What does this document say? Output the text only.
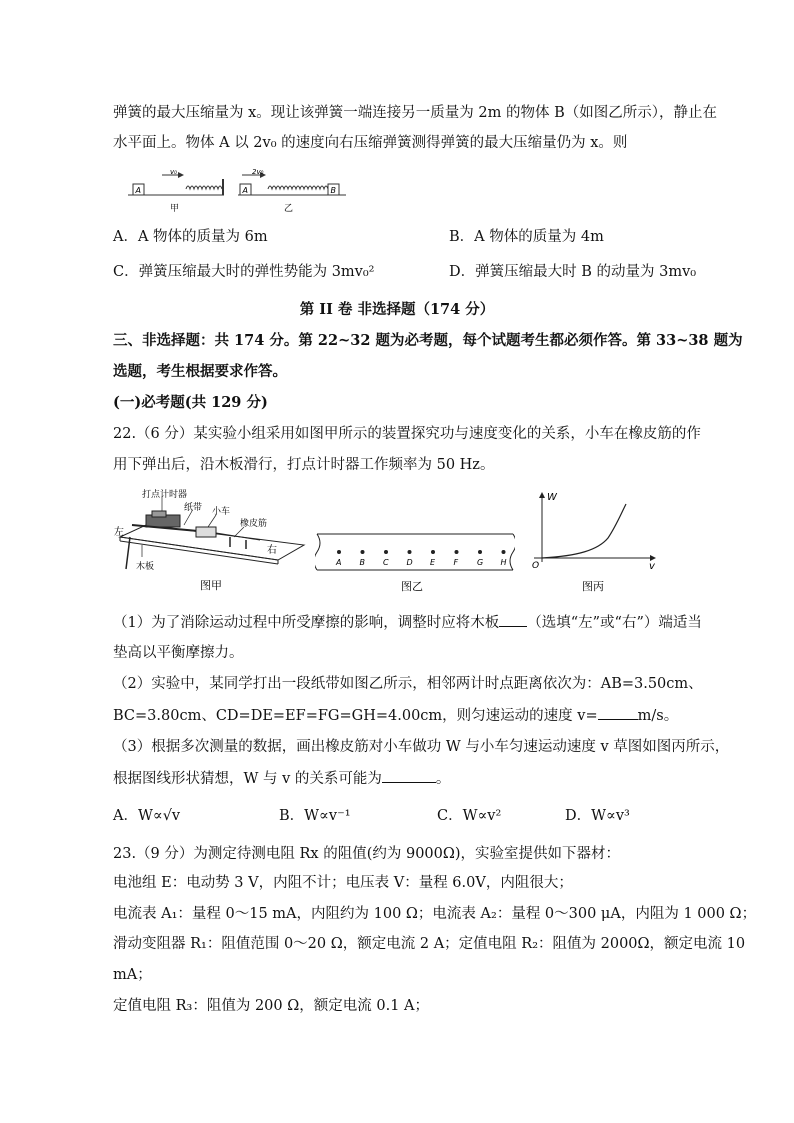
弹簧的最大压缩量为 x。现让该弹簧一端连接另一质量为 2m 的物体 B（如图乙所示），静止在
水平面上。物体 A 以 2v₀ 的速度向右压缩弹簧测得弹簧的最大压缩量仍为 x。则
A
v₀
甲
A	B
2v₀
乙
A．A 物体的质量为 6m	B．A 物体的质量为 4m
C．弹簧压缩最大时的弹性势能为 3mv₀²	D．弹簧压缩最大时 B 的动量为 3mv₀
第 II 卷 非选择题（174 分）
三、非选择题：共 174 分。第 22~32 题为必考题，每个试题考生都必须作答。第 33~38 题为
选题，考生根据要求作答。
(一)必考题(共 129 分)
22.（6 分）某实验小组采用如图甲所示的装置探究功与速度变化的关系，小车在橡皮筋的作
用下弹出后，沿木板滑行，打点计时器工作频率为 50 Hz。
打点计时器
纸带 小车
橡皮筋
左
右
木板
图甲
A B C D E F G H
图乙
W
v
O
图丙
（1）为了消除运动过程中所受摩擦的影响，调整时应将木板 （选填“左”或“右”）端适当
垫高以平衡摩擦力。
（2）实验中，某同学打出一段纸带如图乙所示，相邻两计时点距离依次为：AB=3.50cm、
BC=3.80cm、CD=DE=EF=FG=GH=4.00cm，则匀速运动的速度 v=	m/s。
（3）根据多次测量的数据，画出橡皮筋对小车做功 W 与小车匀速运动速度 v 草图如图丙所示，
根据图线形状猜想，W 与 v 的关系可能为	。
A．W∝√v	B．W∝v⁻¹	C．W∝v²	D．W∝v³
23.（9 分）为测定待测电阻 Rx 的阻值(约为 9000Ω)，实验室提供如下器材：
电池组 E：电动势 3 V，内阻不计；电压表 V：量程 6.0V，内阻很大；
电流表 A₁：量程 0～15 mA，内阻约为 100 Ω；电流表 A₂：量程 0～300 μA，内阻为 1 000 Ω；
滑动变阻器 R₁：阻值范围 0～20 Ω，额定电流 2 A；定值电阻 R₂：阻值为 2000Ω，额定电流 10
mA；
定值电阻 R₃：阻值为 200 Ω，额定电流 0.1 A；
